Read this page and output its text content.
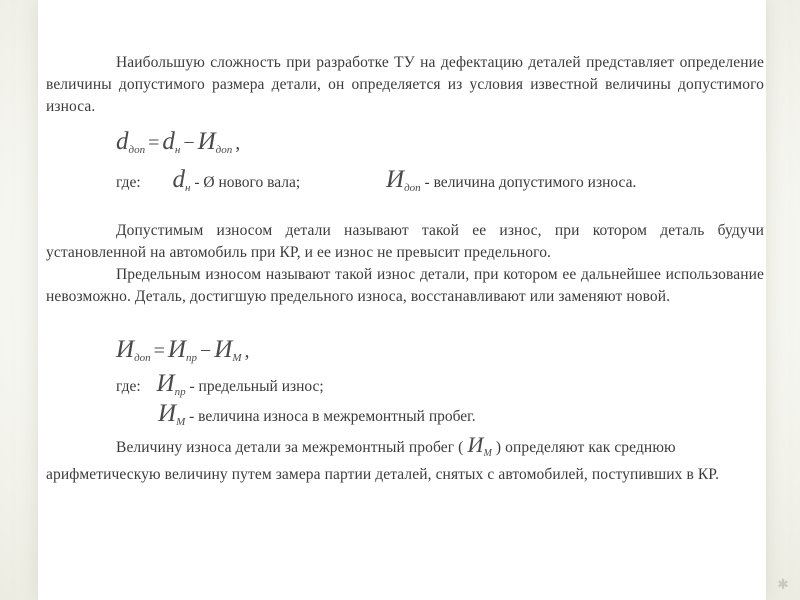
Наибольшую сложность при разработке ТУ на дефектацию деталей представляет определение величины допустимого размера детали, он определяется из условия известной величины допустимого износа.
$d_{доп} = d_н - И_{доп}$ ,
где: $d_н$ - Ø нового вала;	$И_{доп}$ - величина допустимого износа.
Допустимым износом детали называют такой ее износ, при котором деталь будучи установленной на автомобиль при КР, и ее износ не превысит предельного.
Предельным износом называют такой износ детали, при котором ее дальнейшее использование невозможно. Деталь, достигшую предельного износа, восстанавливают или заменяют новой.
$И_{доп} = И_{пр} - И_М$ ,
где: $И_{пр}$ - предельный износ;
$И_М$ - величина износа в межремонтный пробег.
Величину износа детали за межремонтный пробег ( $И_М$ ) определяют как среднюю
арифметическую величину путем замера партии деталей, снятых с автомобилей, поступивших в КР.
✱
